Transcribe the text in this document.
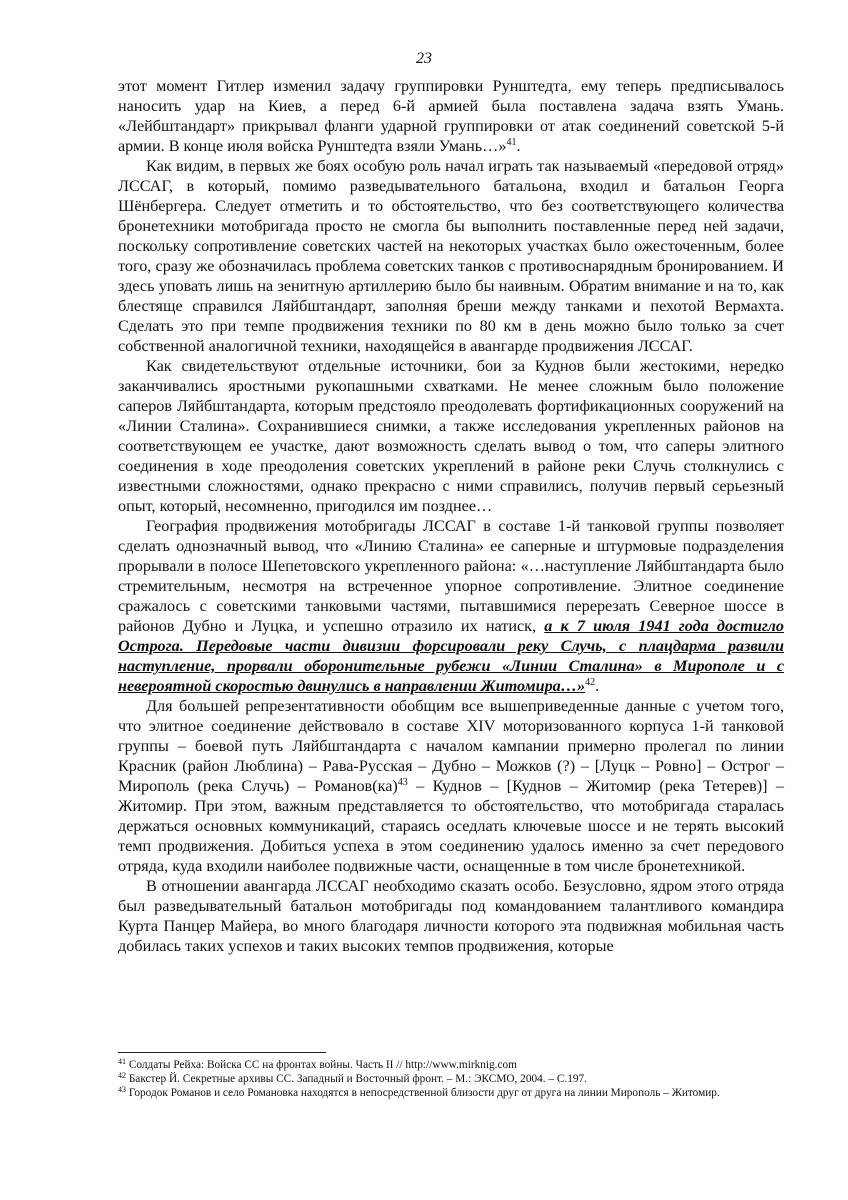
23

этот момент Гитлер изменил задачу группировки Рунштедта, ему теперь предписывалось наносить удар на Киев, а перед 6-й армией была поставлена задача взять Умань. «Лейбштандарт» прикрывал фланги ударной группировки от атак соединений советской 5-й армии. В конце июля войска Рунштедта взяли Умань…»$^{41}$.

Как видим, в первых же боях особую роль начал играть так называемый «передовой отряд» ЛССАГ, в который, помимо разведывательного батальона, входил и батальон Георга Шёнбергера. Следует отметить и то обстоятельство, что без соответствующего количества бронетехники мотобригада просто не смогла бы выполнить поставленные перед ней задачи, поскольку сопротивление советских частей на некоторых участках было ожесточенным, более того, сразу же обозначилась проблема советских танков с противоснарядным бронированием. И здесь уповать лишь на зенитную артиллерию было бы наивным. Обратим внимание и на то, как блестяще справился Ляйбштандарт, заполняя бреши между танками и пехотой Вермахта. Сделать это при темпе продвижения техники по 80 км в день можно было только за счет собственной аналогичной техники, находящейся в авангарде продвижения ЛССАГ.

Как свидетельствуют отдельные источники, бои за Куднов были жестокими, нередко заканчивались яростными рукопашными схватками. Не менее сложным было положение саперов Ляйбштандарта, которым предстояло преодолевать фортификационных сооружений на «Линии Сталина». Сохранившиеся снимки, а также исследования укрепленных районов на соответствующем ее участке, дают возможность сделать вывод о том, что саперы элитного соединения в ходе преодоления советских укреплений в районе реки Случь столкнулись с известными сложностями, однако прекрасно с ними справились, получив первый серьезный опыт, который, несомненно, пригодился им позднее…

География продвижения мотобригады ЛССАГ в составе 1-й танковой группы позволяет сделать однозначный вывод, что «Линию Сталина» ее саперные и штурмовые подразделения прорывали в полосе Шепетовского укрепленного района: «…наступление Ляйбштандарта было стремительным, несмотря на встреченное упорное сопротивление. Элитное соединение сражалось с советскими танковыми частями, пытавшимися перерезать Северное шоссе в районов Дубно и Луцка, и успешно отразило их натиск, а к 7 июля 1941 года достигло Острога. Передовые части дивизии форсировали реку Случь, с плацдарма развили наступление, прорвали оборонительные рубежи «Линии Сталина» в Мирополе и с невероятной скоростью двинулись в направлении Житомира…»$^{42}$.

Для большей репрезентативности обобщим все вышеприведенные данные с учетом того, что элитное соединение действовало в составе XIV моторизованного корпуса 1-й танковой группы – боевой путь Ляйбштандарта с началом кампании примерно пролегал по линии Красник (район Люблина) – Рава-Русская – Дубно – Можков (?) – [Луцк – Ровно] – Острог – Мирополь (река Случь) – Романов(ка)$^{43}$ – Куднов – [Куднов – Житомир (река Тетерев)] – Житомир. При этом, важным представляется то обстоятельство, что мотобригада старалась держаться основных коммуникаций, стараясь оседлать ключевые шоссе и не терять высокий темп продвижения. Добиться успеха в этом соединению удалось именно за счет передового отряда, куда входили наиболее подвижные части, оснащенные в том числе бронетехникой.

В отношении авангарда ЛССАГ необходимо сказать особо. Безусловно, ядром этого отряда был разведывательный батальон мотобригады под командованием талантливого командира Курта Панцер Майера, во много благодаря личности которого эта подвижная мобильная часть добилась таких успехов и таких высоких темпов продвижения, которые

$^{41}$ Солдаты Рейха: Войска СС на фронтах войны. Часть II // http://www.mirknig.com

$^{42}$ Бакстер Й. Секретные архивы СС. Западный и Восточный фронт. – М.: ЭКСМО, 2004. – С.197.

$^{43}$ Городок Романов и село Романовка находятся в непосредственной близости друг от друга на линии Мирополь – Житомир.
